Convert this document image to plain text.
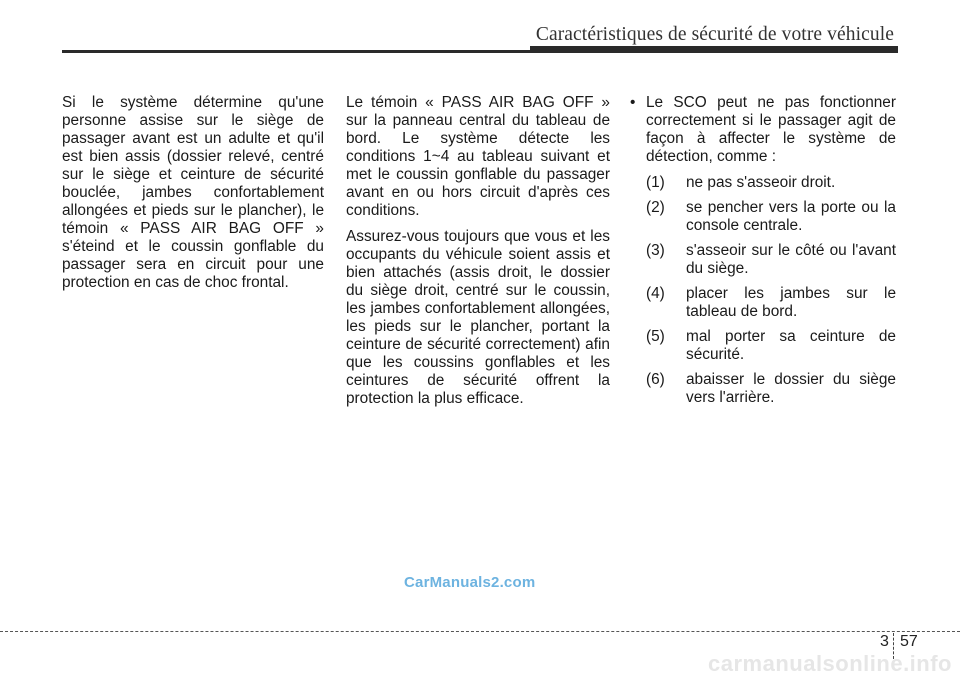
Caractéristiques de sécurité de votre véhicule

Si le système détermine qu'une personne assise sur le siège de passager avant est un adulte et qu'il est bien assis (dossier relevé, centré sur le siège et ceinture de sécurité bouclée, jambes confortablement allongées et pieds sur le plancher), le témoin « PASS AIR BAG OFF » s'éteind et le coussin gonflable du passager sera en circuit pour une protection en cas de choc frontal.

Le témoin « PASS AIR BAG OFF » sur la panneau central du tableau de bord. Le système détecte les conditions 1~4 au tableau suivant et met le coussin gonflable du passager avant en ou hors circuit d'après ces conditions.

Assurez-vous toujours que vous et les occupants du véhicule soient assis et bien attachés (assis droit, le dossier du siège droit, centré sur le coussin, les jambes confortablement allongées, les pieds sur le plancher, portant la ceinture de sécurité correctement) afin que les coussins gonflables et les ceintures de sécurité offrent la protection la plus efficace.

• Le SCO peut ne pas fonctionner correctement si le passager agit de façon à affecter le système de détection, comme :
(1) ne pas s'asseoir droit.
(2) se pencher vers la porte ou la console centrale.
(3) s'asseoir sur le côté ou l'avant du siège.
(4) placer les jambes sur le tableau de bord.
(5) mal porter sa ceinture de sécurité.
(6) abaisser le dossier du siège vers l'arrière.
CarManuals2.com
3 57
carmanualsonline.info
